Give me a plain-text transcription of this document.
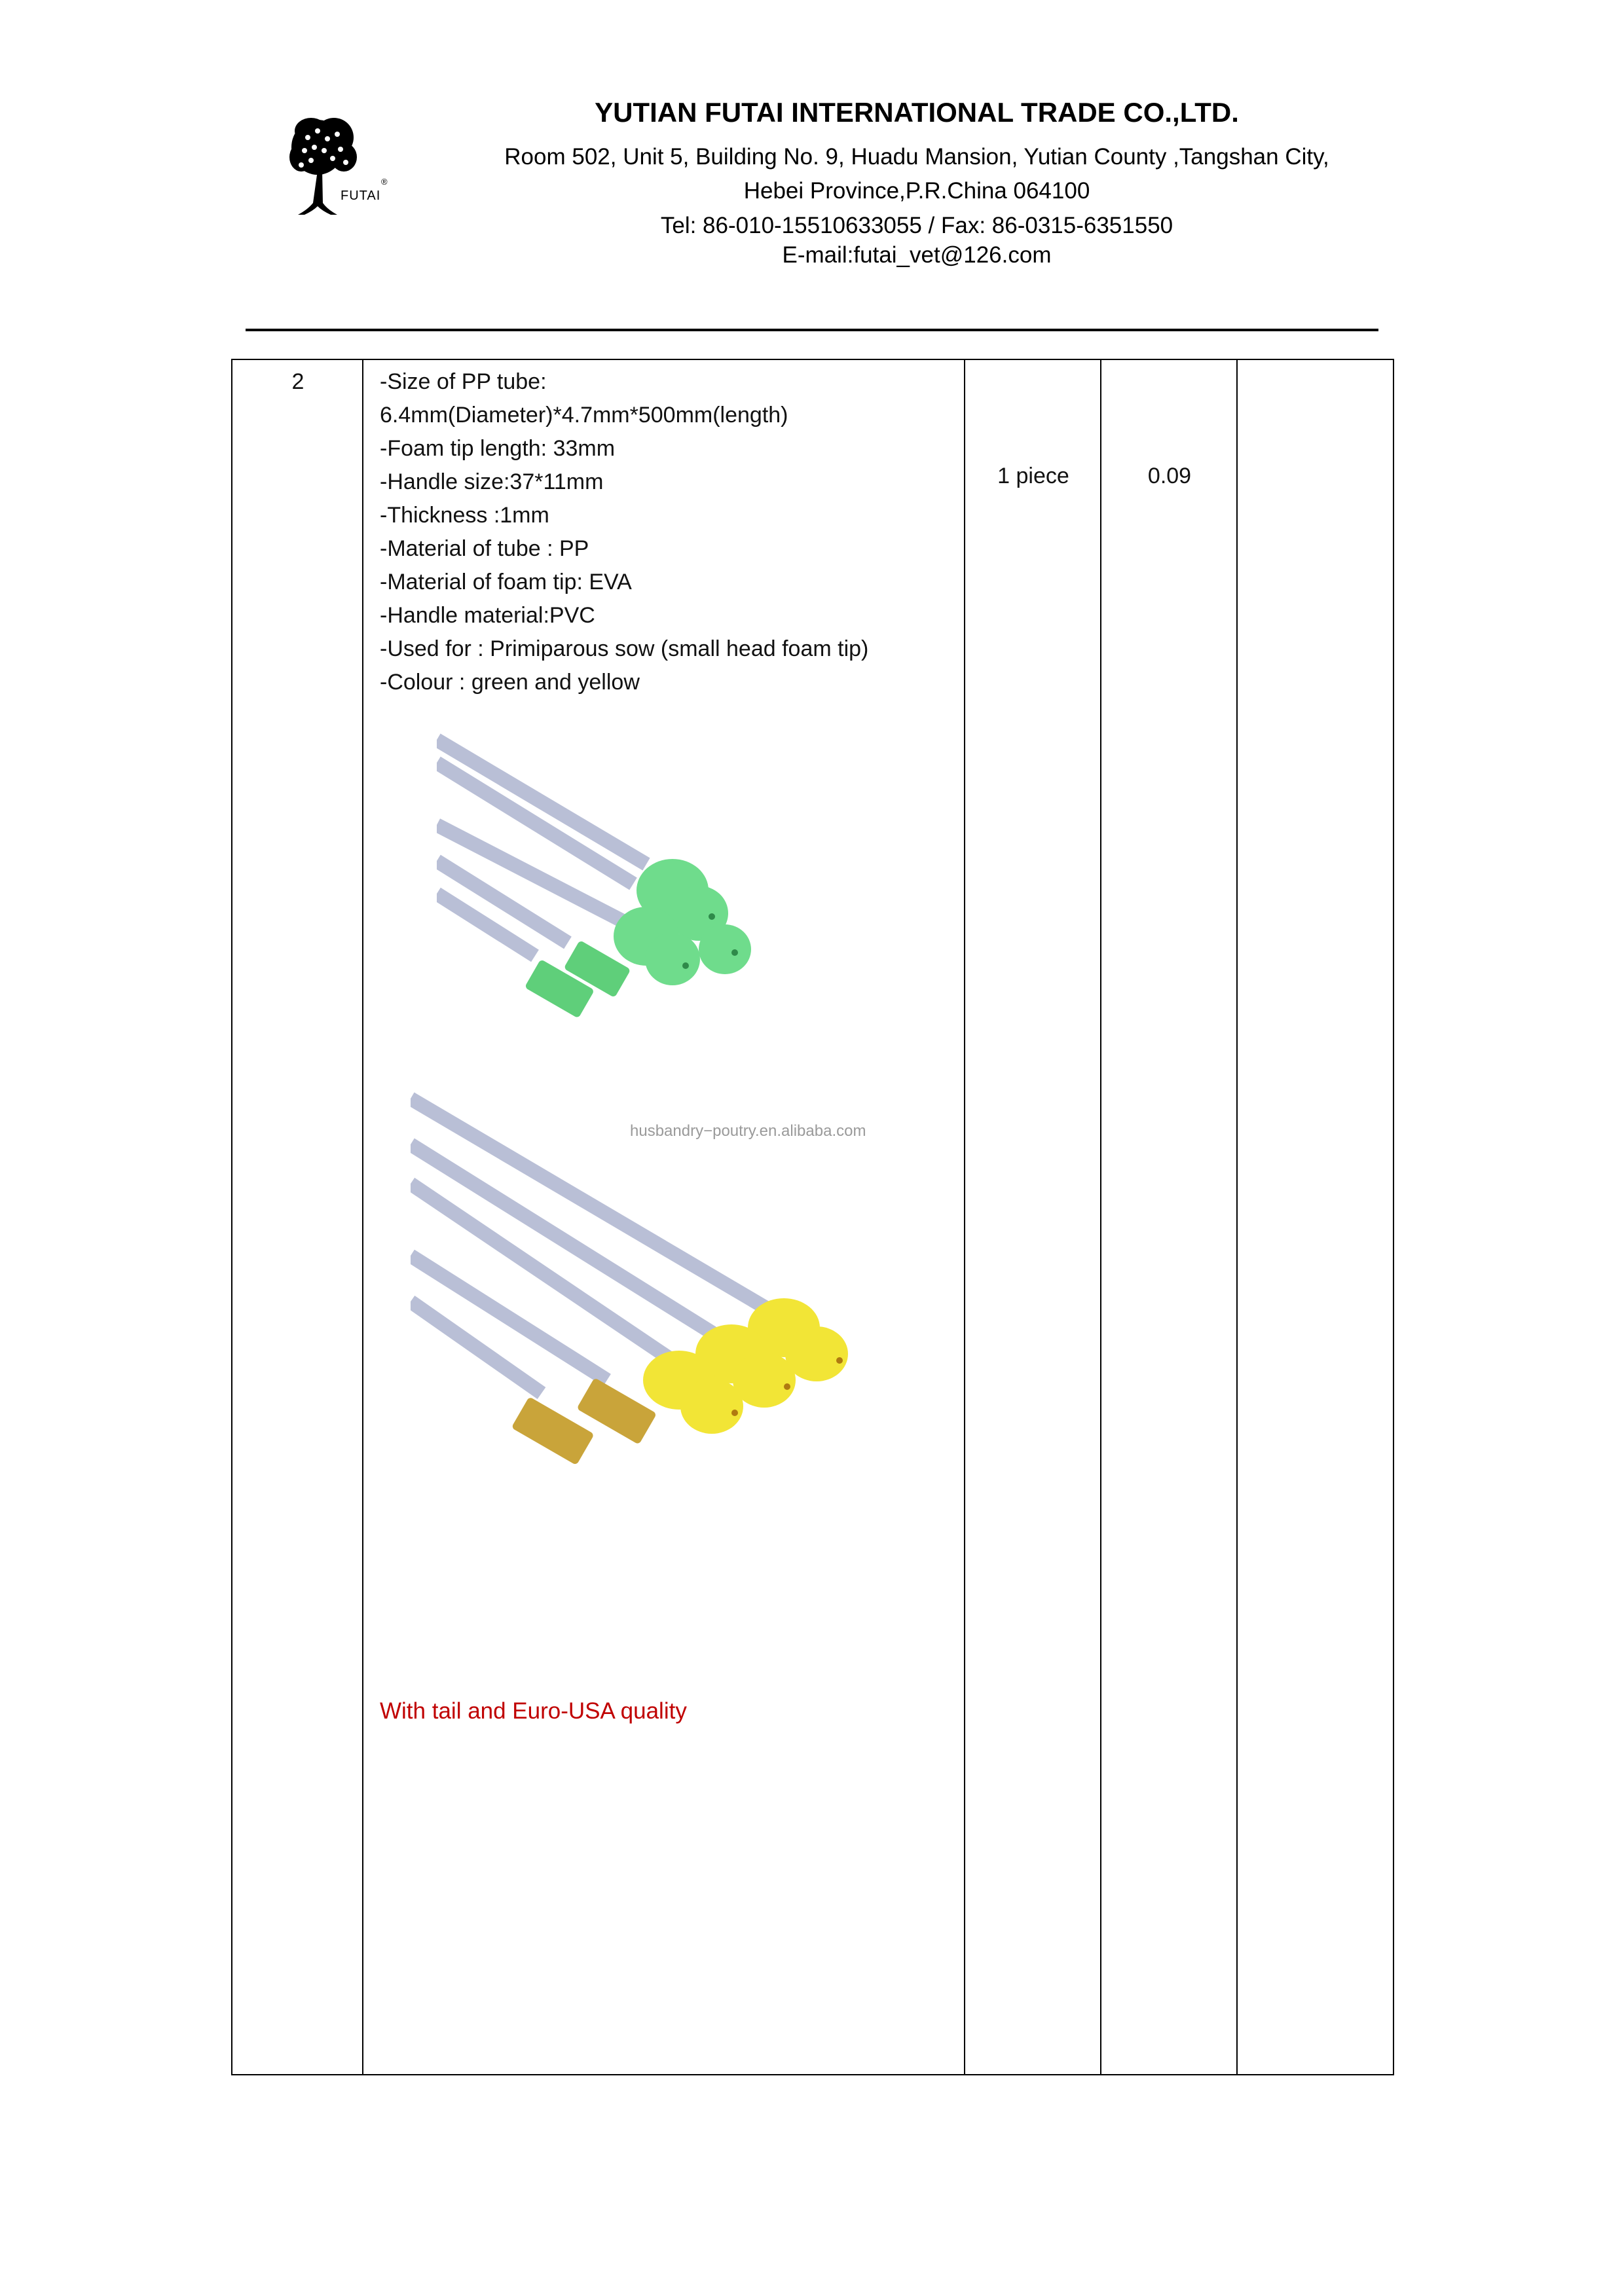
FUTAI
®
YUTIAN FUTAI INTERNATIONAL TRADE CO.,LTD.
Room 502, Unit 5, Building No. 9, Huadu Mansion, Yutian County ,Tangshan City,
Hebei Province,P.R.China 064100
Tel: 86-010-15510633055 / Fax: 86-0315-6351550
E-mail:futai_vet@126.com
2	-Size of PP tube:
6.4mm(Diameter)*4.7mm*500mm(length)
-Foam tip length: 33mm
-Handle size:37*11mm
-Thickness :1mm
-Material of tube : PP
-Material of foam tip: EVA
-Handle material:PVC
-Used for : Primiparous sow (small head foam tip)
-Colour : green and yellow
1 piece	0.09
husbandry−poutry.en.alibaba.com
With tail and Euro-USA quality
